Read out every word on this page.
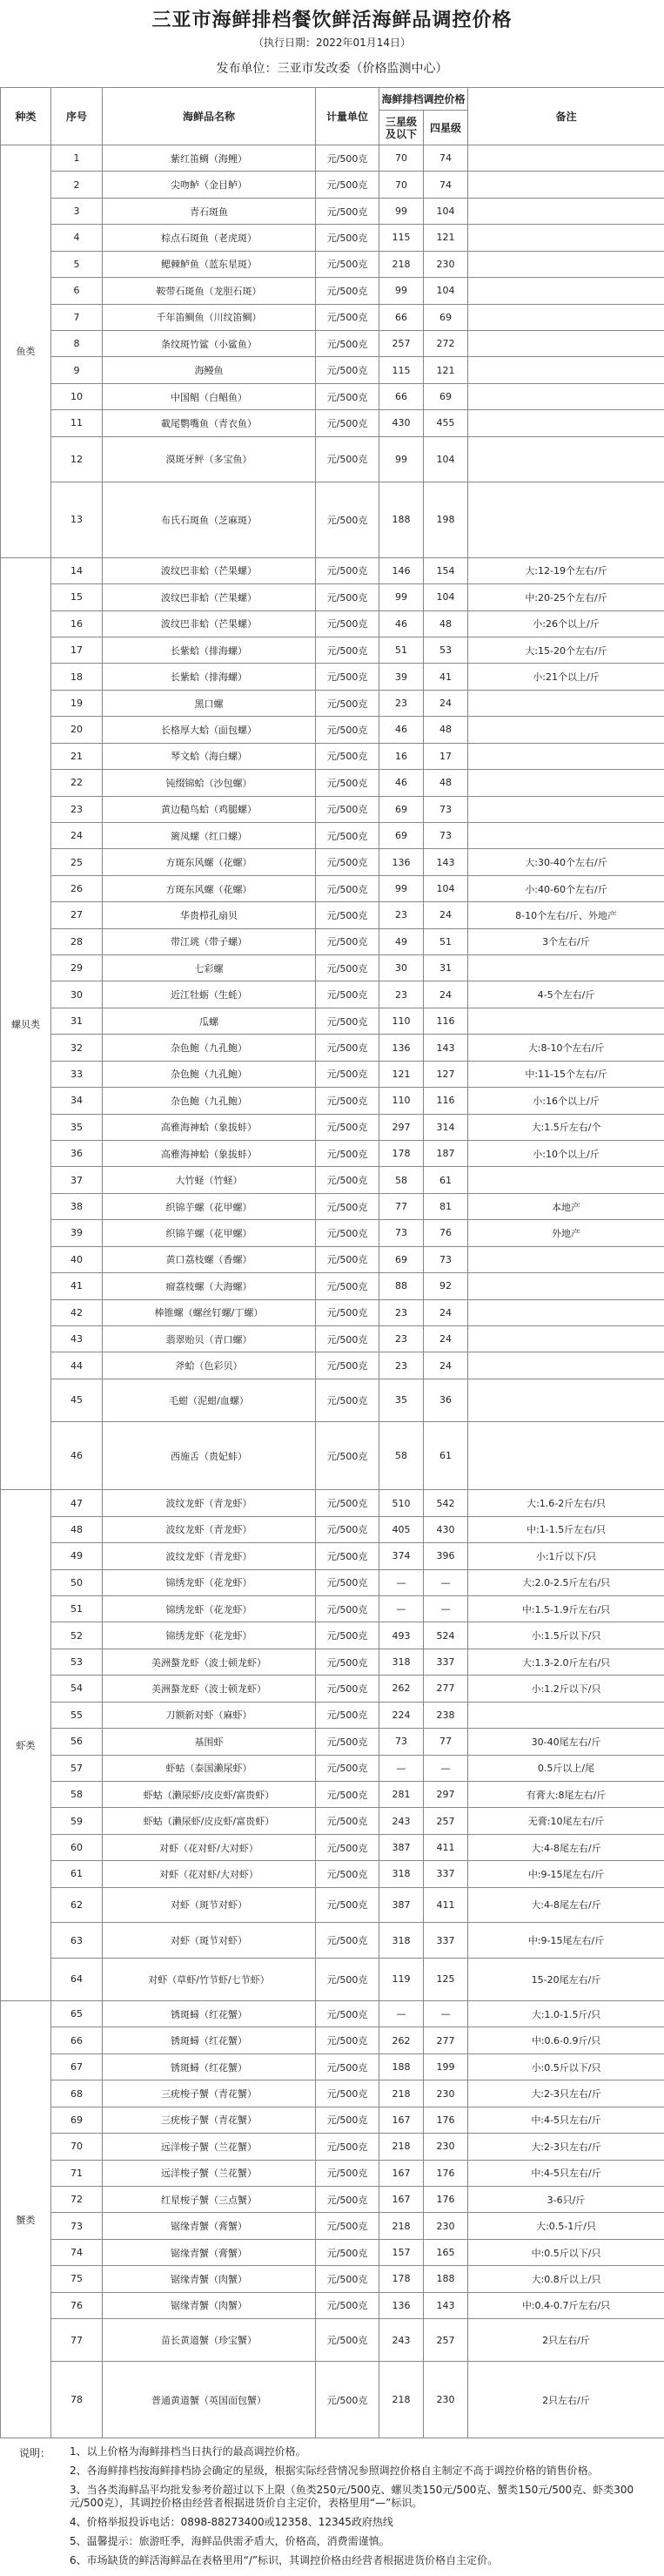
三亚市海鲜排档餐饮鲜活海鲜品调控价格
（执行日期：2022年01月14日）
发布单位：三亚市发改委（价格监测中心）
种类	序号	海鲜品名称	计量单位	海鲜排档调控价格		备注
				三星级及以下	四星级	
鱼类	1	紫红笛鲷（海鲤）	元/500克	70	74	
	2	尖吻鲈（金目鲈）	元/500克	70	74	
	3	青石斑鱼	元/500克	99	104	
	4	棕点石斑鱼（老虎斑）	元/500克	115	121	
	5	鳃棘鲈鱼（蓝东星斑）	元/500克	218	230	
	6	鞍带石斑鱼（龙胆石斑）	元/500克	99	104	
	7	千年笛鲷鱼（川纹笛鲷）	元/500克	66	69	
	8	条纹斑竹鲨（小鲨鱼）	元/500克	257	272	
	9	海鳗鱼	元/500克	115	121	
	10	中国鲳（白鲳鱼）	元/500克	66	69	
	11	載尾鹦嘴鱼（青衣鱼）	元/500克	430	455	
	12	漠斑牙鲆（多宝鱼）	元/500克	99	104	
	13	布氏石斑鱼（芝麻斑）	元/500克	188	198	
螺贝类	14	波纹巴非蛤（芒果螺）	元/500克	146	154	大:12-19个左右/斤
	15	波纹巴非蛤（芒果螺）	元/500克	99	104	中:20-25个左右/斤
	16	波纹巴非蛤（芒果螺）	元/500克	46	48	小:26个以上/斤
	17	长紫蛤（排海螺）	元/500克	51	53	大:15-20个左右/斤
	18	长紫蛤（排海螺）	元/500克	39	41	小:21个以上/斤
	19	黑口螺	元/500克	23	24	
	20	长格厚大蛤（面包螺）	元/500克	46	48	
	21	琴文蛤（海白螺）	元/500克	16	17	
	22	钝缀锦蛤（沙包螺）	元/500克	46	48	
	23	黄边糙鸟蛤（鸡腿螺）	元/500克	69	73	
	24	篱凤螺（红口螺）	元/500克	69	73	
	25	方斑东风螺（花螺）	元/500克	136	143	大:30-40个左右/斤
	26	方斑东风螺（花螺）	元/500克	99	104	小:40-60个左右/斤
	27	华贵栉孔扇贝	元/500克	23	24	8-10个左右/斤、外地产
	28	带江珧（带子螺）	元/500克	49	51	3个左右/斤
	29	七彩螺	元/500克	30	31	
	30	近江牡蛎（生蚝）	元/500克	23	24	4-5个左右/斤
	31	瓜螺	元/500克	110	116	
	32	杂色鲍（九孔鲍）	元/500克	136	143	大:8-10个左右/斤
	33	杂色鲍（九孔鲍）	元/500克	121	127	中:11-15个左右/斤
	34	杂色鲍（九孔鲍）	元/500克	110	116	小:16个以上/斤
	35	高雅海神蛤（象拔蚌）	元/500克	297	314	大:1.5斤左右/个
	36	高雅海神蛤（象拔蚌）	元/500克	178	187	小:10个以上/斤
	37	大竹蛏（竹蛏）	元/500克	58	61	
	38	织锦芋螺（花甲螺）	元/500克	77	81	本地产
	39	织锦芋螺（花甲螺）	元/500克	73	76	外地产
	40	黄口荔枝螺（香螺）	元/500克	69	73	
	41	瘤荔枝螺（大海螺）	元/500克	88	92	
	42	棒锥螺（螺丝钉螺/丁螺）	元/500克	23	24	
	43	翡翠贻贝（青口螺）	元/500克	23	24	
	44	斧蛤（色彩贝）	元/500克	23	24	
	45	毛蚶（泥蚶/血螺）	元/500克	35	36	
	46	西施舌（贵妃蚌）	元/500克	58	61	
虾类	47	波纹龙虾（青龙虾）	元/500克	510	542	大:1.6-2斤左右/只
	48	波纹龙虾（青龙虾）	元/500克	405	430	中:1-1.5斤左右/只
	49	波纹龙虾（青龙虾）	元/500克	374	396	小:1斤以下/只
	50	锦绣龙虾（花龙虾）	元/500克	—	—	大:2.0-2.5斤左右/只
	51	锦绣龙虾（花龙虾）	元/500克	—	—	中:1.5-1.9斤左右/只
	52	锦绣龙虾（花龙虾）	元/500克	493	524	小:1.5斤以下/只
	53	美洲螯龙虾（波士顿龙虾）	元/500克	318	337	大:1.3-2.0斤左右/只
	54	美洲螯龙虾（波士顿龙虾）	元/500克	262	277	小:1.2斤以下/只
	55	刀额新对虾（麻虾）	元/500克	224	238	
	56	基围虾	元/500克	73	77	30-40尾左右/斤
	57	虾蛄（泰国濑尿虾）	元/500克	—	—	0.5斤以上/尾
	58	虾蛄（濑尿虾/皮皮虾/富贵虾）	元/500克	281	297	有膏大:8尾左右/斤
	59	虾蛄（濑尿虾/皮皮虾/富贵虾）	元/500克	243	257	无膏:10尾左右/斤
	60	对虾（花对虾/大对虾）	元/500克	387	411	大:4-8尾左右/斤
	61	对虾（花对虾/大对虾）	元/500克	318	337	中:9-15尾左右/斤
	62	对虾（斑节对虾）	元/500克	387	411	大:4-8尾左右/斤
	63	对虾（斑节对虾）	元/500克	318	337	中:9-15尾左右/斤
	64	对虾（草虾/竹节虾/七节虾）	元/500克	119	125	15-20尾左右/斤
蟹类	65	锈斑蟳（红花蟹）	元/500克	—	—	大:1.0-1.5斤/只
	66	锈斑蟳（红花蟹）	元/500克	262	277	中:0.6-0.9斤/只
	67	锈斑蟳（红花蟹）	元/500克	188	199	小:0.5斤以下/只
	68	三疣梭子蟹（青花蟹）	元/500克	218	230	大:2-3只左右/斤
	69	三疣梭子蟹（青花蟹）	元/500克	167	176	中:4-5只左右/斤
	70	远洋梭子蟹（兰花蟹）	元/500克	218	230	大:2-3只左右/斤
	71	远洋梭子蟹（兰花蟹）	元/500克	167	176	中:4-5只左右/斤
	72	红星梭子蟹（三点蟹）	元/500克	167	176	3-6只/斤
	73	锯缘青蟹（膏蟹）	元/500克	218	230	大:0.5-1斤/只
	74	锯缘青蟹（膏蟹）	元/500克	157	165	中:0.5斤以下/只
	75	锯缘青蟹（肉蟹）	元/500克	178	188	大:0.8斤以上/只
	76	锯缘青蟹（肉蟹）	元/500克	136	143	中:0.4-0.7斤左右/只
	77	苗长黄道蟹（珍宝蟹）	元/500克	243	257	2只左右/斤
	78	普通黄道蟹（英国面包蟹）	元/500克	218	230	2只左右/斤
说明： 1、以上价格为海鲜排档当日执行的最高调控价格。
2、各海鲜排档按海鲜排档协会确定的星级，根据实际经营情况参照调控价格自主制定不高于调控价格的销售价格。
3、当各类海鲜品平均批发参考价超过以下上限（鱼类250元/500克、螺贝类150元/500克、蟹类150元/500克、虾类300元/500克），其调控价格由经营者根据进货价自主定价，表格里用“—”标识。
4、价格举报投诉电话：0898-88273400或12358、12345政府热线
5、温馨提示：旅游旺季，海鲜品供需矛盾大，价格高，消费需谨慎。
6、市场缺货的鲜活海鲜品在表格里用“/”标识，其调控价格由经营者根据进货价格自主定价。
